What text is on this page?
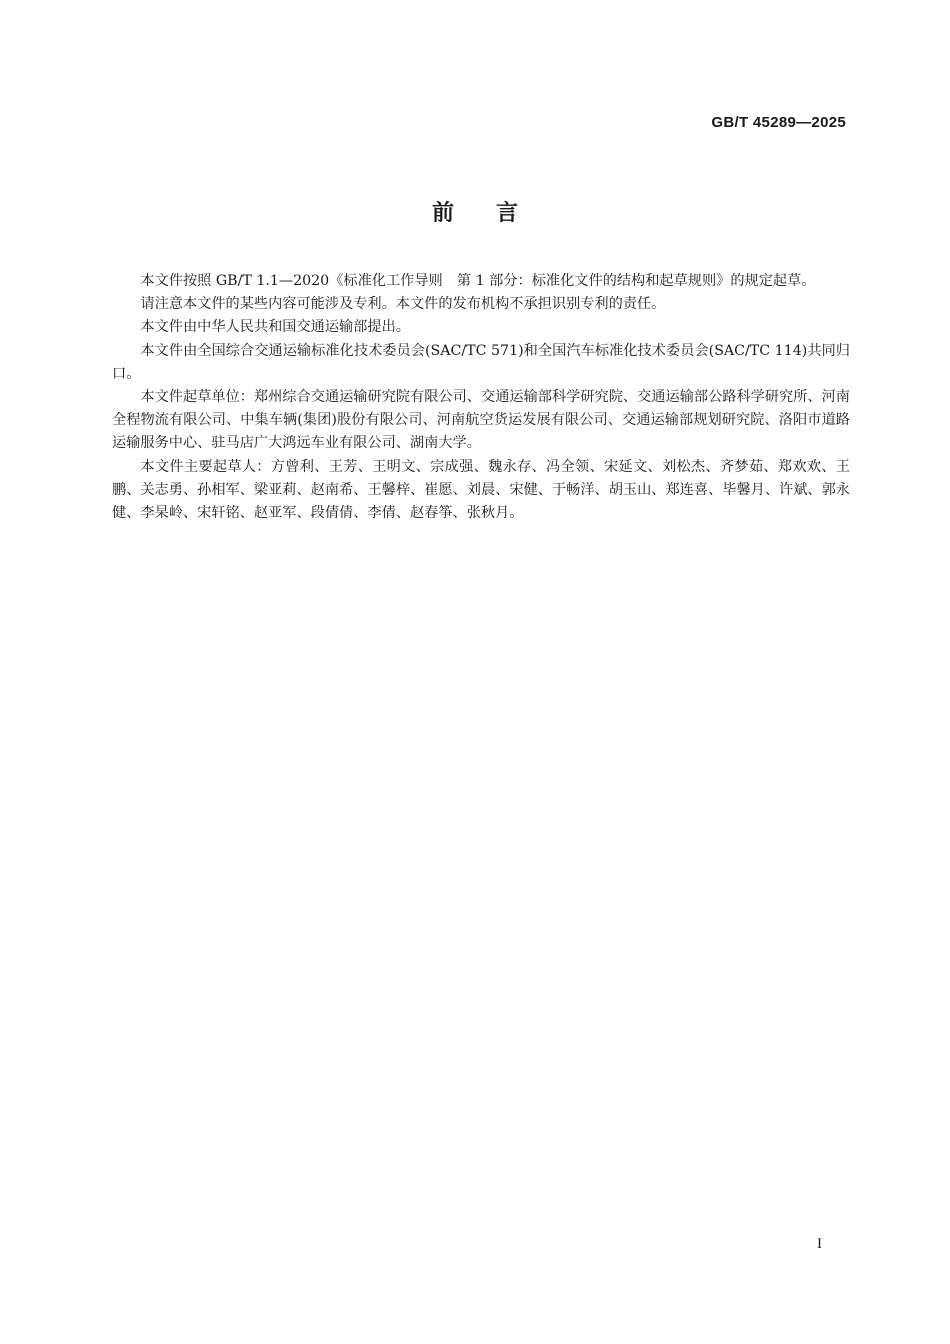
GB/T 45289—2025
前言

本文件按照 GB/T 1.1—2020《标准化工作导则　第 1 部分：标准化文件的结构和起草规则》的规定起草。

请注意本文件的某些内容可能涉及专利。本文件的发布机构不承担识别专利的责任。

本文件由中华人民共和国交通运输部提出。

本文件由全国综合交通运输标准化技术委员会(SAC/TC 571)和全国汽车标准化技术委员会(SAC/TC 114)共同归口。

本文件起草单位：郑州综合交通运输研究院有限公司、交通运输部科学研究院、交通运输部公路科学研究所、河南全程物流有限公司、中集车辆(集团)股份有限公司、河南航空货运发展有限公司、交通运输部规划研究院、洛阳市道路运输服务中心、驻马店广大鸿远车业有限公司、湖南大学。

本文件主要起草人：方曾利、王芳、王明文、宗成强、魏永存、冯全领、宋延文、刘松杰、齐梦茹、郑欢欢、王鹏、关志勇、孙相军、梁亚莉、赵南希、王馨梓、崔愿、刘晨、宋健、于畅洋、胡玉山、郑连喜、毕馨月、许斌、郭永健、李杲岭、宋轩铭、赵亚军、段倩倩、李倩、赵春筝、张秋月。

I
